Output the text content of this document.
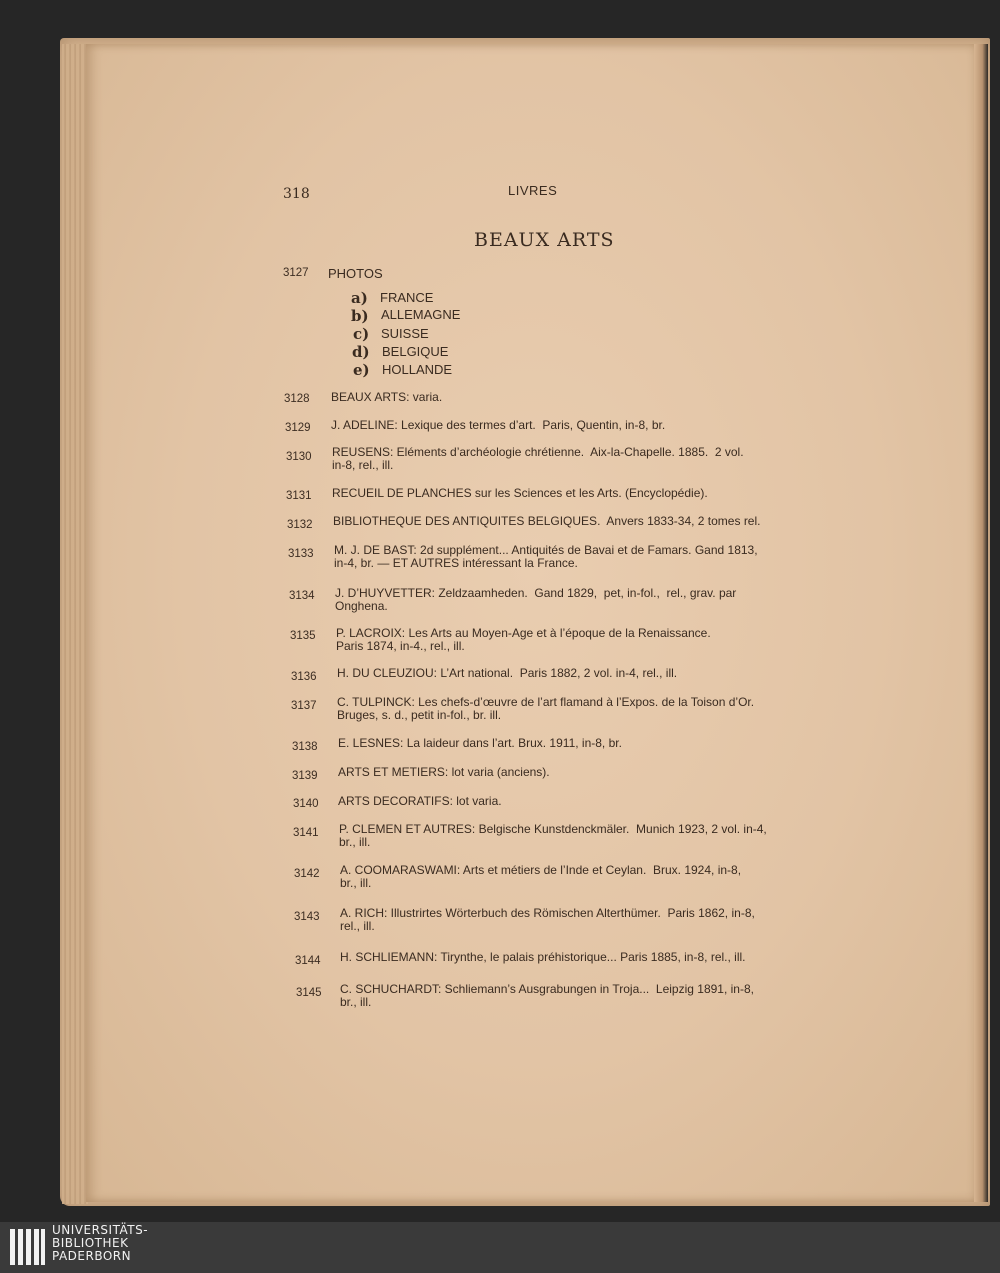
318	LIVRES
BEAUX ARTS
3127 PHOTOS
a) FRANCE
b) ALLEMAGNE
c) SUISSE
d) BELGIQUE
e) HOLLANDE
3128 BEAUX ARTS: varia.
3129 J. ADELINE: Lexique des termes d’art.  Paris, Quentin, in-8, br.
3130 REUSENS: Eléments d’archéologie chrétienne.  Aix-la-Chapelle. 1885.  2 vol.
in-8, rel., ill.
3131 RECUEIL DE PLANCHES sur les Sciences et les Arts. (Encyclopédie).
3132 BIBLIOTHEQUE DES ANTIQUITES BELGIQUES.  Anvers 1833-34, 2 tomes rel.
3133 M. J. DE BAST: 2d supplément... Antiquités de Bavai et de Famars. Gand 1813,
in-4, br. — ET AUTRES intéressant la France.
3134 J. D’HUYVETTER: Zeldzaamheden.  Gand 1829,  pet, in-fol.,  rel., grav. par
Onghena.
3135 P. LACROIX: Les Arts au Moyen-Age et à l’époque de la Renaissance.
Paris 1874, in-4., rel., ill.
3136 H. DU CLEUZIOU: L’Art national.  Paris 1882, 2 vol. in-4, rel., ill.
3137 C. TULPINCK: Les chefs-d’œuvre de l’art flamand à l’Expos. de la Toison d’Or.
Bruges, s. d., petit in-fol., br. ill.
3138 E. LESNES: La laideur dans l’art. Brux. 1911, in-8, br.
3139 ARTS ET METIERS: lot varia (anciens).
3140 ARTS DECORATIFS: lot varia.
3141 P. CLEMEN ET AUTRES: Belgische Kunstdenckmäler.  Munich 1923, 2 vol. in-4,
br., ill.
3142 A. COOMARASWAMI: Arts et métiers de l’Inde et Ceylan.  Brux. 1924, in-8,
br., ill.
3143 A. RICH: Illustrirtes Wörterbuch des Römischen Alterthümer.  Paris 1862, in-8,
rel., ill.
3144 H. SCHLIEMANN: Tirynthe, le palais préhistorique... Paris 1885, in-8, rel., ill.
3145 C. SCHUCHARDT: Schliemann’s Ausgrabungen in Troja...  Leipzig 1891, in-8,
br., ill.
UNIVERSITÄTS-
BIBLIOTHEK
PADERBORN
